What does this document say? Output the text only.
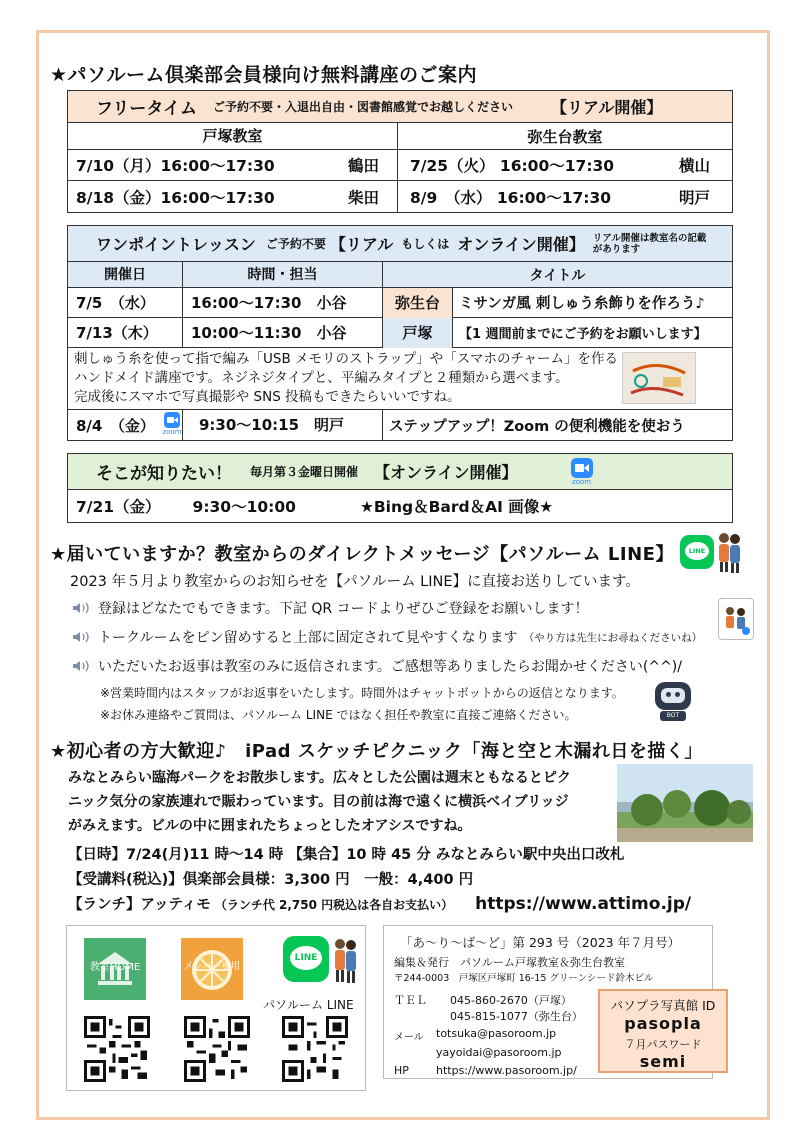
★パソルーム倶楽部会員様向け無料講座のご案内
フリータイム ご予約不要・入退出自由・図書館感覚でお越しください 【リアル開催】
戸塚教室	弥生台教室
7/10（月）16:00～17:30	鶴田 7/25（火） 16:00～17:30	横山
8/18（金）16:00～17:30	柴田 8/9　（水） 16:00～17:30	明戸
ワンポイントレッスン ご予約不要 【リアル もしくは オンライン開催】 リアル開催は教室名の記載があります
開催日	時間・担当	タイトル
7/5　（水）	16:00～17:30　小谷	弥生台	ミサンガ風 刺しゅう糸飾りを作ろう♪
7/13（木）	10:00～11:30　小谷	戸塚	【1 週間前までにご予約をお願いします】
刺しゅう糸を使って指で編み「USB メモリのストラップ」や「スマホのチャーム」を作る
ハンドメイド講座です。ネジネジタイプと、平編みタイプと２種類から選べます。
完成後にスマホで写真撮影や SNS 投稿もできたらいいですね。
8/4　（金） zoom	9:30～10:15　明戸	ステップアップ！Zoom の便利機能を使おう
そこが知りたい！ 毎月第３金曜日開催 【オンライン開催】	zoom
7/21（金） 9:30～10:00	★Bing＆Bard＆AI 画像★
★届いていますか？教室からのダイレクトメッセージ【パソルーム LINE】	LINE
2023 年５月より教室からのお知らせを【パソルーム LINE】に直接お送りしています。
登録はどなたでもできます。下記 QR コードよりぜひご登録をお願いします！
トークルームをピン留めすると上部に固定されて見やすくなります （やり方は先生にお尋ねくださいね）
いただいたお返事は教室のみに返信されます。ご感想等ありましたらお聞かせください(^^)/
※営業時間内はスタッフがお返事をいたします。時間外はチャットボットからの返信となります。
※お休み連絡やご質問は、パソルーム LINE ではなく担任や教室に直接ご連絡ください。	BOT
★初心者の方大歓迎♪　iPad スケッチピクニック「海と空と木漏れ日を描く」
みなとみらい臨海パークをお散歩します。広々とした公園は週末ともなるとピク
ニック気分の家族連れで賑わっています。目の前は海で遠くに横浜ベイブリッジ
がみえます。ビルの中に囲まれたちょっとしたオアシスですね。
【日時】7/24(月)11 時～14 時 【集合】10 時 45 分 みなとみらい駅中央出口改札
【受講料(税込)】倶楽部会員様：3,300 円　一般：4,400 円
【ランチ】アッティモ （ランチ代 2,750 円税込は各自お支払い） https://www.attimo.jp/
教室HOME	メンバー専用
LINE
パソルーム LINE
「あ～り～ば～ど」第 293 号（2023 年７月号）
編集＆発行　パソルーム戸塚教室＆弥生台教室
〒244-0003　戸塚区戸塚町 16-15 グリーンシード鈴木ビル
ＴＥＬ 045-860-2670（戸塚）
045-815-1077（弥生台）
メール totsuka@pasoroom.jp
yayoidai@pasoroom.jp
HP https://www.pasoroom.jp/
パソプラ写真館 ID
pasopla
７月パスワード
semi
